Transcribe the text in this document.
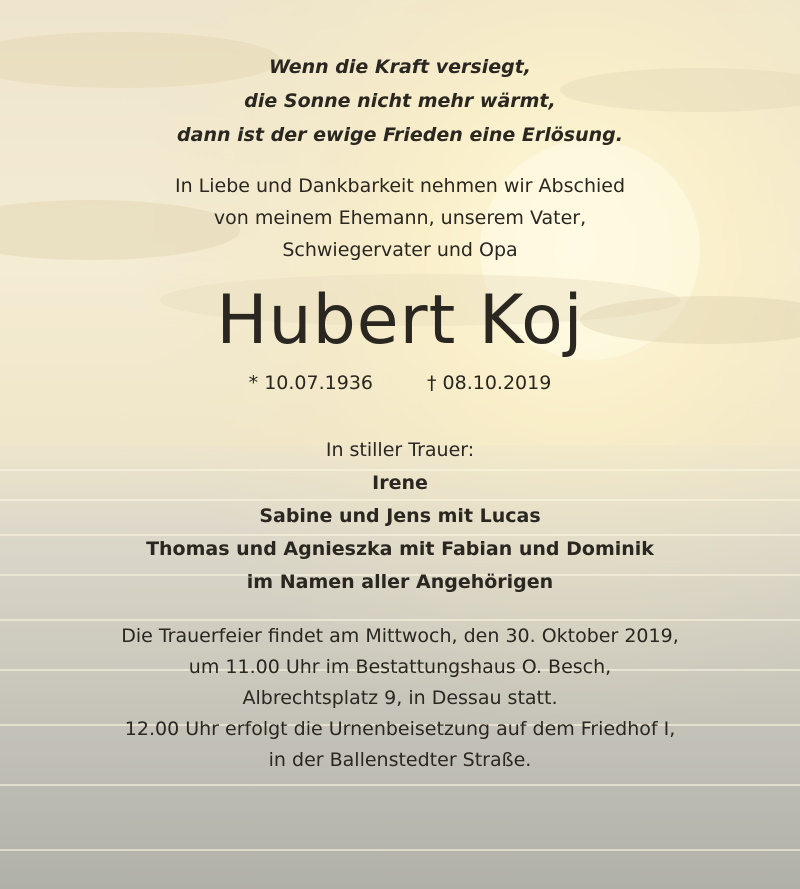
Wenn die Kraft versiegt,
die Sonne nicht mehr wärmt,
dann ist der ewige Frieden eine Erlösung.
In Liebe und Dankbarkeit nehmen wir Abschied
von meinem Ehemann, unserem Vater,
Schwiegervater und Opa
Hubert Koj
* 10.07.1936	† 08.10.2019
In stiller Trauer:
Irene
Sabine und Jens mit Lucas
Thomas und Agnieszka mit Fabian und Dominik
im Namen aller Angehörigen
Die Trauerfeier findet am Mittwoch, den 30. Oktober 2019,
um 11.00 Uhr im Bestattungshaus O. Besch,
Albrechtsplatz 9, in Dessau statt.
12.00 Uhr erfolgt die Urnenbeisetzung auf dem Friedhof I,
in der Ballenstedter Straße.
